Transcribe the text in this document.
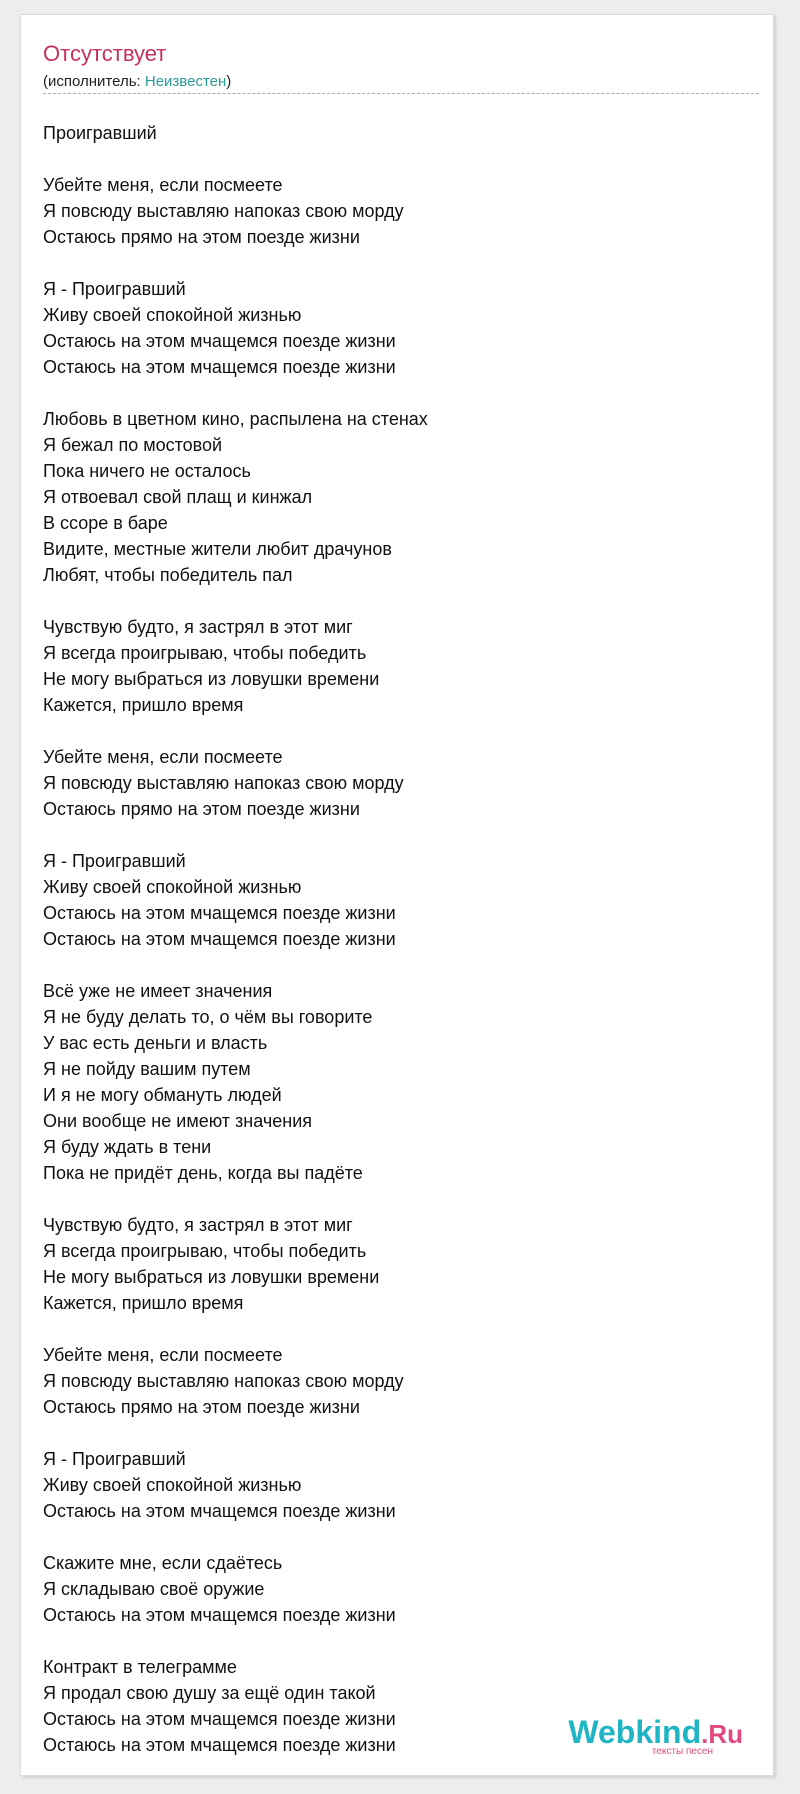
Отсутствует
(исполнитель: Неизвестен)
Проигравший
Убейте меня, если посмеете
Я повсюду выставляю напоказ свою морду
Остаюсь прямо на этом поезде жизни
Я - Проигравший
Живу своей спокойной жизнью
Остаюсь на этом мчащемся поезде жизни
Остаюсь на этом мчащемся поезде жизни
Любовь в цветном кино, распылена на стенах
Я бежал по мостовой
Пока ничего не осталось
Я отвоевал свой плащ и кинжал
В ссоре в баре
Видите, местные жители любит драчунов
Любят, чтобы победитель пал
Чувствую будто, я застрял в этот миг
Я всегда проигрываю, чтобы победить
Не могу выбраться из ловушки времени
Кажется, пришло время
Убейте меня, если посмеете
Я повсюду выставляю напоказ свою морду
Остаюсь прямо на этом поезде жизни
Я - Проигравший
Живу своей спокойной жизнью
Остаюсь на этом мчащемся поезде жизни
Остаюсь на этом мчащемся поезде жизни
Всё уже не имеет значения
Я не буду делать то, о чём вы говорите
У вас есть деньги и власть
Я не пойду вашим путем
И я не могу обмануть людей
Они вообще не имеют значения
Я буду ждать в тени
Пока не придёт день, когда вы падёте
Чувствую будто, я застрял в этот миг
Я всегда проигрываю, чтобы победить
Не могу выбраться из ловушки времени
Кажется, пришло время
Убейте меня, если посмеете
Я повсюду выставляю напоказ свою морду
Остаюсь прямо на этом поезде жизни
Я - Проигравший
Живу своей спокойной жизнью
Остаюсь на этом мчащемся поезде жизни
Скажите мне, если сдаётесь
Я складываю своё оружие
Остаюсь на этом мчащемся поезде жизни
Контракт в телеграмме
Я продал свою душу за ещё один такой
Остаюсь на этом мчащемся поезде жизни
Остаюсь на этом мчащемся поезде жизни	Webkind.Ru
тексты песен
